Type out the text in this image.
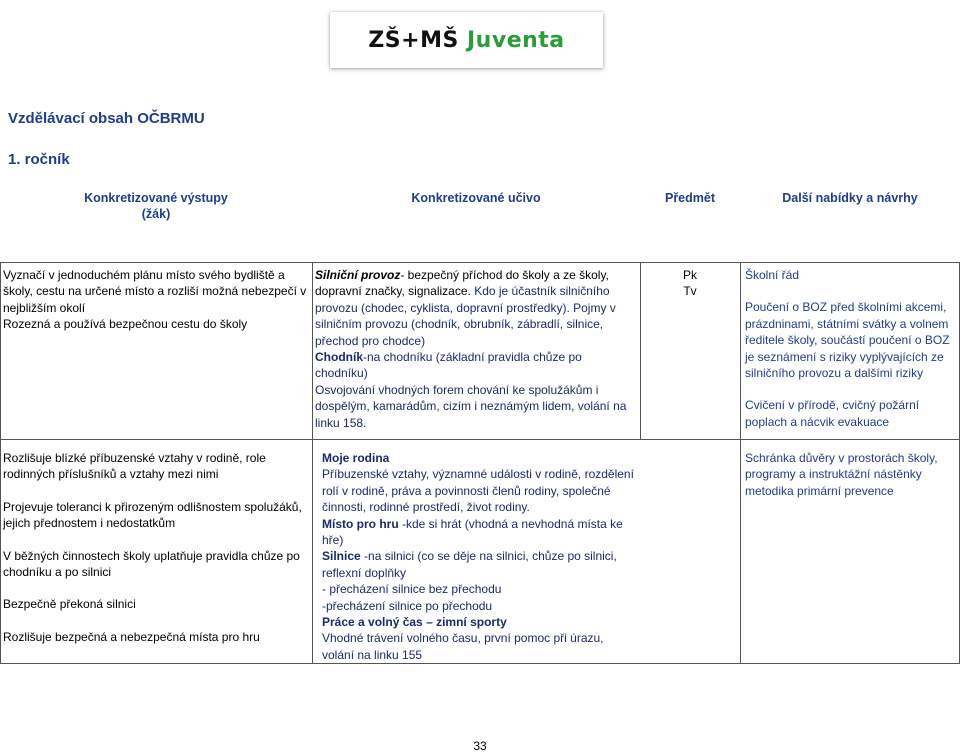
ZŠ+MŠ Juventa
Vzdělávací obsah OČBRMU
1. ročník
Konkretizované výstupy
(žák)
Konkretizované učivo	Předmět	Další nabídky a návrhy

Vyznačí v jednoduchém plánu místo svého bydliště a školy, cestu na určené místo a rozliší možná nebezpečí v nejbližším okolí

Rozezná a používá bezpečnou cestu do školy

Silniční provoz- bezpečný příchod do školy a ze školy, dopravní značky, signalizace. Kdo je účastník silničního provozu (chodec, cyklista, dopravní prostředky). Pojmy v silničním provozu (chodník, obrubník, zábradlí, silnice, přechod pro chodce)

Chodník-na chodníku (základní pravidla chůze po chodníku)

Osvojování vhodných forem chování ke spolužákům i dospělým, kamarádům, cizím i neznámým lidem, volání na linku 158.

Pk

Tv

Školní řád

Poučení o BOZ před školními akcemi, prázdninami, státními svátky a volnem ředitele školy, součástí poučení o BOZ je seznámení s riziky vyplývajících ze silničního provozu a dalšími riziky

Cvičení v přírodě, cvičný požární poplach a nácvik evakuace

Rozlišuje blízké příbuzenské vztahy v rodině, role rodinných příslušníků a vztahy mezi nimi

Projevuje toleranci k přirozeným odlišnostem spolužáků, jejich přednostem i nedostatkům

V běžných činnostech školy uplatňuje pravidla chůze po chodníku a po silnici

Bezpečně překoná silnici

Rozlišuje bezpečná a nebezpečná místa pro hru

Moje rodina

Příbuzenské vztahy, významné události v rodině, rozdělení rolí v rodině, práva a povinnosti členů rodiny, společné činnosti, rodinné prostředí, život rodiny.

Místo pro hru -kde si hrát (vhodná a nevhodná místa ke hře)

Silnice -na silnici (co se děje na silnici, chůze po silnici, reflexní doplňky

- přecházení silnice bez přechodu

-přecházení silnice po přechodu

Práce a volný čas – zimní sporty

Vhodné trávení volného času, první pomoc při úrazu, volání na linku 155

Schránka důvěry v prostorách školy, programy a instruktážní nástěnky metodika primární prevence

33
